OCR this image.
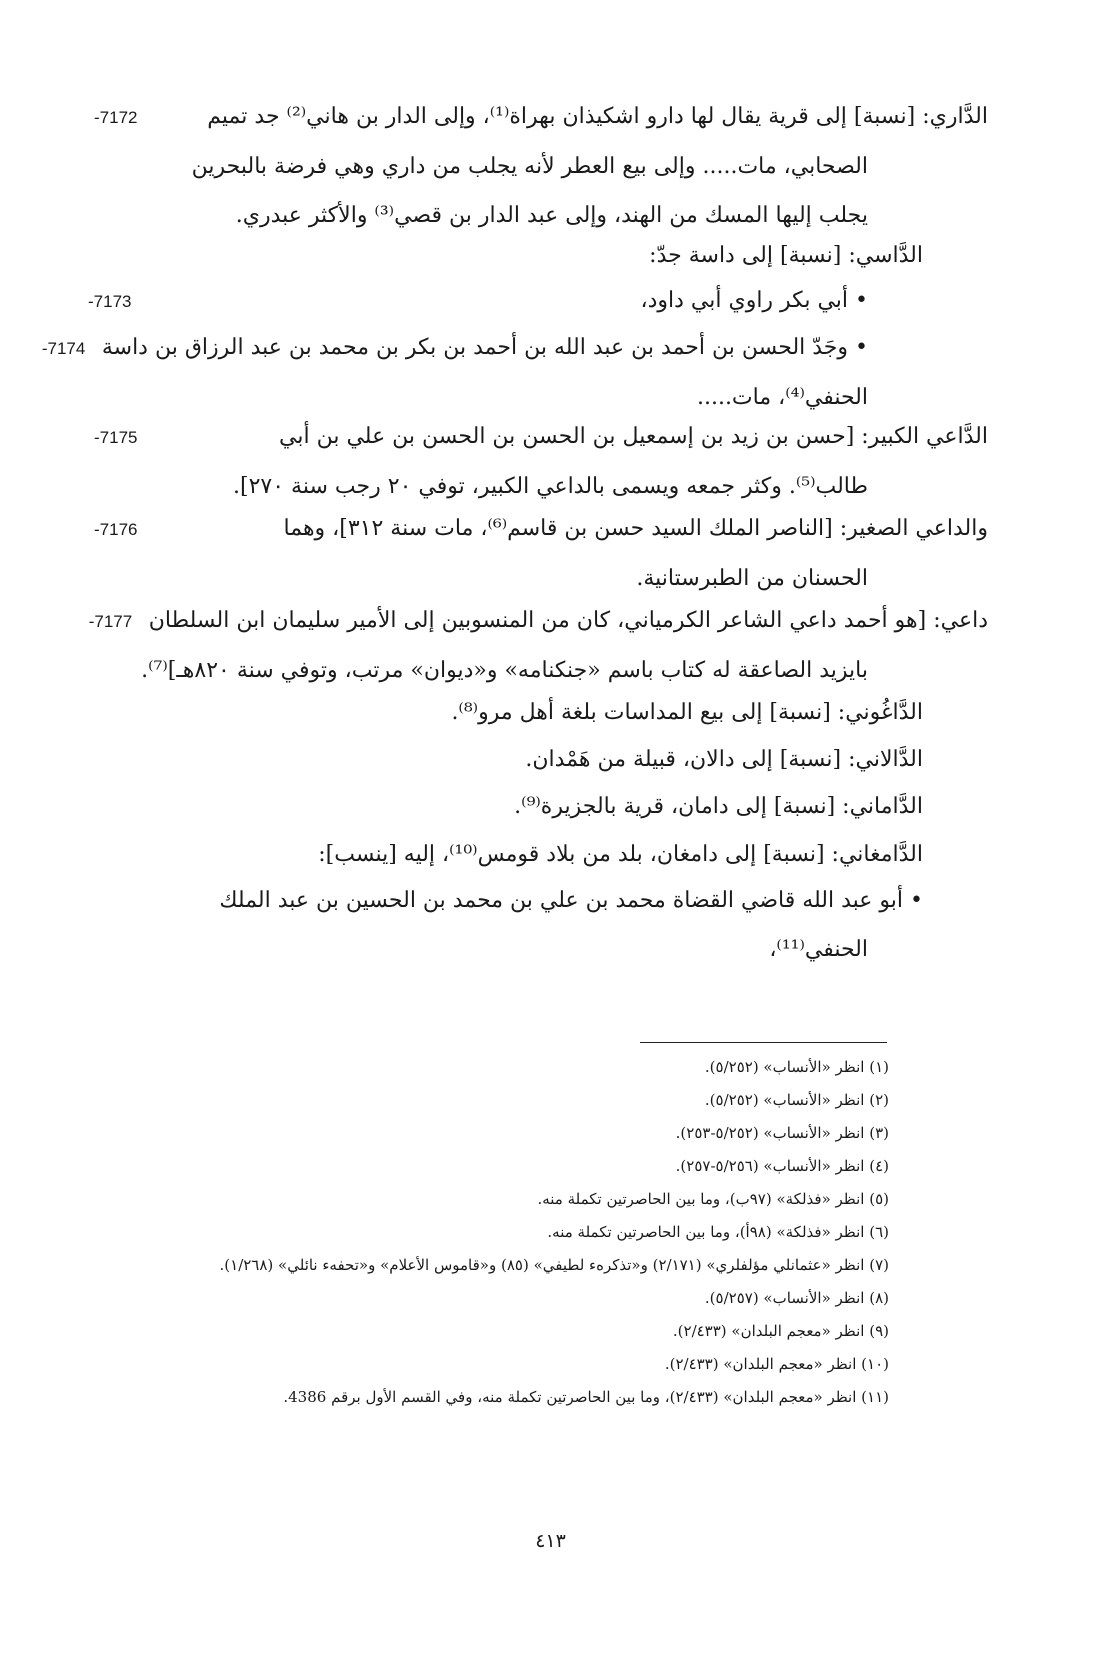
الدَّاري: [نسبة] إلى قرية يقال لها دارو اشكيذان بهراة⁽¹⁾، وإلى الدار بن هاني⁽²⁾ جد تميم
-7172
الصحابي، مات..... وإلى بيع العطر لأنه يجلب من داري وهي فرضة بالبحرين
يجلب إليها المسك من الهند، وإلى عبد الدار بن قصي⁽³⁾ والأكثر عبدري.
الدَّاسي: [نسبة] إلى داسة جدّ:
• أبي بكر راوي أبي داود،
-7173
• وجَدّ الحسن بن أحمد بن عبد الله بن أحمد بن بكر بن محمد بن عبد الرزاق بن داسة
-7174
الحنفي⁽⁴⁾، مات.....
الدَّاعي الكبير: [حسن بن زيد بن إسمعيل بن الحسن بن الحسن بن علي بن أبي
-7175
طالب⁽⁵⁾. وكثر جمعه ويسمى بالداعي الكبير، توفي ٢٠ رجب سنة ٢٧٠].
والداعي الصغير: [الناصر الملك السيد حسن بن قاسم⁽⁶⁾، مات سنة ٣١٢]، وهما
-7176
الحسنان من الطبرستانية.
داعي: [هو أحمد داعي الشاعر الكرمياني، كان من المنسوبين إلى الأمير سليمان ابن السلطان
-7177
بايزيد الصاعقة له كتاب باسم «جنكنامه» و«ديوان» مرتب، وتوفي سنة ٨٢٠هـ]⁽⁷⁾.
الدَّاغُوني: [نسبة] إلى بيع المداسات بلغة أهل مرو⁽⁸⁾.
الدَّالاني: [نسبة] إلى دالان، قبيلة من هَمْدان.
الدَّاماني: [نسبة] إلى دامان، قرية بالجزيرة⁽⁹⁾.
الدَّامغاني: [نسبة] إلى دامغان، بلد من بلاد قومس⁽¹⁰⁾، إليه [ينسب]:
• أبو عبد الله قاضي القضاة محمد بن علي بن محمد بن الحسين بن عبد الملك
الحنفي⁽¹¹⁾،
(١) انظر «الأنساب» (٥/٢٥٢).
(٢) انظر «الأنساب» (٥/٢٥٢).
(٣) انظر «الأنساب» (٥/٢٥٢-٢٥٣).
(٤) انظر «الأنساب» (٥/٢٥٦-٢٥٧).
(٥) انظر «فذلكة» (٩٧ب)، وما بين الحاصرتين تكملة منه.
(٦) انظر «فذلكة» (٩٨أ)، وما بين الحاصرتين تكملة منه.
(٧) انظر «عثمانلي مؤلفلري» (٢/١٧١) و«تذكرهء لطيفي» (٨٥) و«قاموس الأعلام» و«تحفهء نائلي» (١/٢٦٨).
(٨) انظر «الأنساب» (٥/٢٥٧).
(٩) انظر «معجم البلدان» (٢/٤٣٣).
(١٠) انظر «معجم البلدان» (٢/٤٣٣).
(١١) انظر «معجم البلدان» (٢/٤٣٣)، وما بين الحاصرتين تكملة منه، وفي القسم الأول برقم 4386.
٤١٣
